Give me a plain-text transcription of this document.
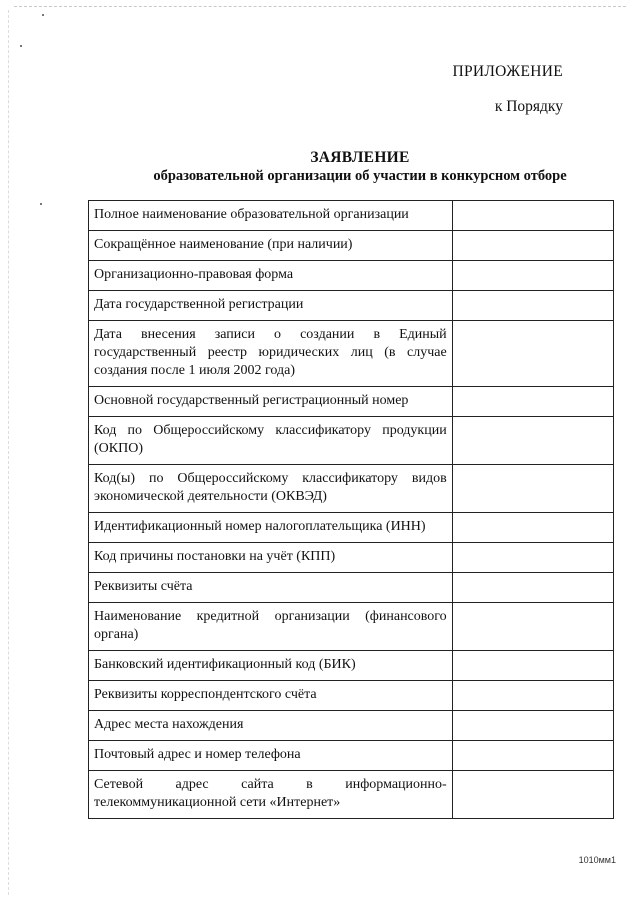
ПРИЛОЖЕНИЕ
к Порядку
ЗАЯВЛЕНИЕ
образовательной организации об участии в конкурсном отборе
Полное наименование образовательной организации	
Сокращённое наименование (при наличии)	
Организационно-правовая форма	
Дата государственной регистрации	
Дата внесения записи о создании в Единый государственный реестр юридических лиц (в случае создания после 1 июля 2002 года)	
Основной государственный регистрационный номер	
Код по Общероссийскому классификатору продукции (ОКПО)	
Код(ы) по Общероссийскому классификатору видов экономической деятельности (ОКВЭД)	
Идентификационный номер налогоплательщика (ИНН)	
Код причины постановки на учёт (КПП)	
Реквизиты счёта	
Наименование кредитной организации (финансового органа)	
Банковский идентификационный код (БИК)	
Реквизиты корреспондентского счёта	
Адрес места нахождения	
Почтовый адрес и номер телефона	
Сетевой адрес сайта в информационно-телекоммуникационной сети «Интернет»	
1010мм1
